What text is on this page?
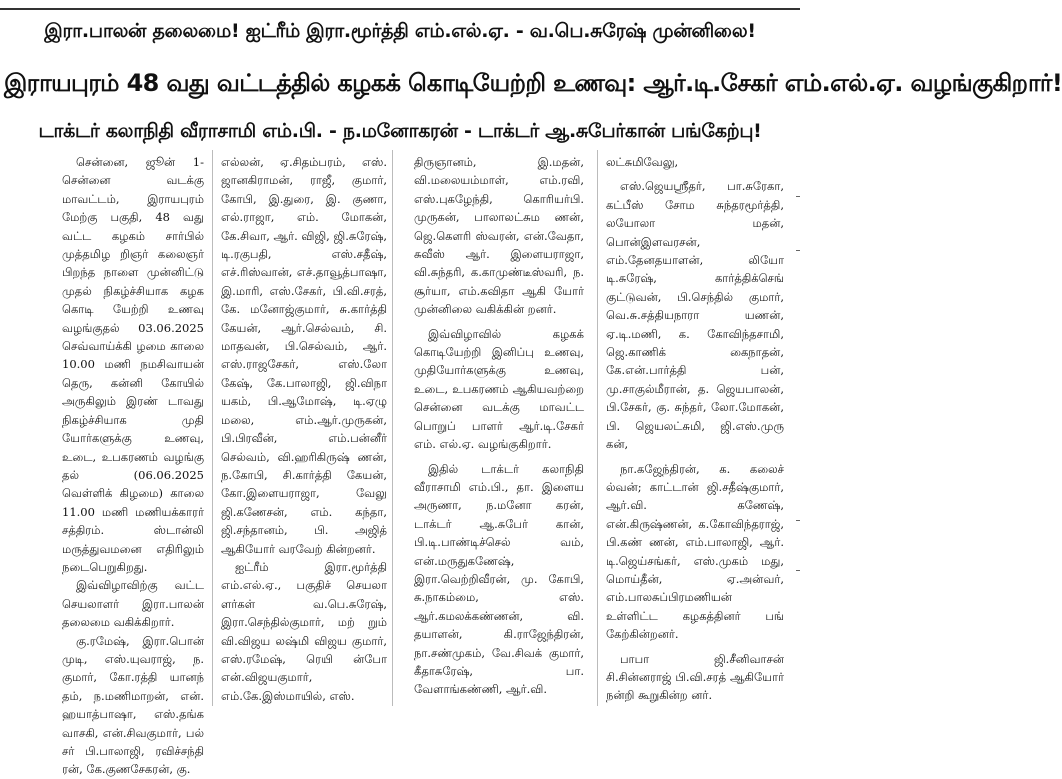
இரா.பாலன் தலைமை! ஐட்ரீம் இரா.மூர்த்தி எம்.எல்.ஏ. - வ.பெ.சுரேஷ் முன்னிலை!
இராயபுரம் 48 வது வட்டத்தில் கழகக் கொடியேற்றி உணவு: ஆர்.டி.சேகர் எம்.எல்.ஏ. வழங்குகிறார்!
டாக்டர் கலாநிதி வீராசாமி எம்.பி. - ந.மனோகரன் - டாக்டர் ஆ.சுபேர்கான் பங்கேற்பு!

சென்னை, ஜூன் 1- சென்னை வடக்கு மாவட்டம், இராயபுரம் மேற்கு பகுதி, 48 வது வட்ட கழகம் சார்பில் முத்தமிழ றிஞர் கலைஞர் பிறந்த நாளை முன்னிட்டு முதல் நிகழ்ச்சியாக கழக கொடி யேற்றி உணவு வழங்குதல் 03.06.2025 செவ்வாய்க்கி ழமை காலை 10.00 மணி நமசிவாயன் தெரு, கன்னி கோயில் அருகிலும் இரண் டாவது நிகழ்ச்சியாக முதி யோர்களுக்கு உணவு, உடை, உபகரணம் வழங்கு தல் (06.06.2025 வெள்ளிக் கிழமை) காலை 11.00 மணி மணியக்காரர் சத்திரம். ஸ்டான்லி மருத்துவமனை எதிரிலும் நடைபெறுகிறது.

இவ்விழாவிற்கு வட்ட செயலாளர் இரா.பாலன் தலைமை வகிக்கிறார்.

கு.ரமேஷ், இரா.பொன் முடி, எஸ்.யுவராஜ், ந. குமார், கோ.ரத்தி யானந் தம், ந.மணிமாறன், என். ஹயாத்பாஷா, எஸ்.தங்க வாசகி, என்.சிவகுமார், பல் சர் பி.பாலாஜி, ரவிச்சந்தி ரன், கே.குணசேகரன், கு.

எல்லன், ஏ.சிதம்பரம், எஸ். ஜானகிராமன், ராஜீ, குமார், கோபி, இ.துரை, இ. குணா, எல்.ராஜா, எம். மோகன், கே.சிவா, ஆர். விஜி, ஜி.சுரேஷ், டி.ரகுபதி, எஸ்.சதீஷ், எச்.ரிஸ்வான், எச்.தாவூத்பாஷா, இ.மாரி, எஸ்.சேகர், பி.வி.சரத், கே. மனோஜ்குமார், சு.கார்த்தி கேயன், ஆர்.செல்வம், சி. மாதவன், பி.செல்வம், ஆர். எஸ்.ராஜசேகர், எஸ்.லோ கேஷ், கே.பாலாஜி, ஜி.விநா யகம், பி.ஆமோஷ், டி.ஏழு மலை, எம்.ஆர்.முருகன், பி.பிரவீன், எம்.பன்னீர் செல்வம், வி.ஹரிகிருஷ் ணன், ந.கோபி, சி.கார்த்தி கேயன், கோ.இளையராஜா, வேலு ஜி.கணேசன், எம். கந்தா, ஜி.சந்தானம், பி. அஜித் ஆகியோர் வரவேற் கின்றனர்.

ஐட்ரீம் இரா.மூர்த்தி எம்.எல்.ஏ., பகுதிச் செயலா ளர்கள் வ.பெ.சுரேஷ், இரா.செந்தில்குமார், மற் றும் வி.விஜய லஷ்மி விஜய குமார், எஸ்.ரமேஷ், ரெயி ன்போ என்.விஜயகுமார், எம்.கே.இஸ்மாயில், எஸ்.

திருஞானம், இ.மதன், வி.மலையம்மாள், எம்.ரவி, எஸ்.புகழேந்தி, கொரியர்பி. முருகன், பாலாலட்சும ணன், ஜெ.கௌரி ஸ்வரன், என்.வேதா, சுவீஸ் ஆர். இளையராஜா, வி.சுந்தரி, க.காமுண்டீஸ்வரி, ந. சூர்யா, எம்.கவிதா ஆகி யோர் முன்னிலை வகிக்கின் றனர்.

இவ்விழாவில் கழகக் கொடியேற்றி இனிப்பு உணவு, முதியோர்களுக்கு உணவு, உடை, உபகரணம் ஆகியவற்றை சென்னை வடக்கு மாவட்ட பொறுப் பாளர் ஆர்.டி.சேகர் எம். எல்.ஏ. வழங்குகிறார்.

இதில் டாக்டர் கலாநிதி வீராசாமி எம்.பி., தா. இளைய அருணா, ந.மனோ கரன், டாக்டர் ஆ.சுபேர் கான், பி.டி.பாண்டிச்செல் வம், என்.மருதுகணேஷ், இரா.வெற்றிவீரன், மு. கோபி, சு.நாகம்மை, எஸ். ஆர்.கமலக்கண்ணன், வி. தயாளன், கி.ராஜேந்திரன், நா.சண்முகம், வே.சிவக் குமார், கீதாசுரேஷ், பா. வேளாங்கண்ணி, ஆர்.வி.

லட்சுமிவேலு,

எஸ்.ஜெயஸ்ரீதர், பா.சுரேகா, கட்பீஸ் சோம சுந்தரமூர்த்தி, லயோலா மதன், பொன்இளவரசன், எம்.தேனதயாளன், லியோ டி.சுரேஷ், கார்த்திக்செங் குட்டுவன், பி.செந்தில் குமார், வெ.சு.சத்தியநாரா யணன், ஏ.டி.மணி, க. கோவிந்தசாமி, ஜெ.காணிக் கைநாதன், கே.என்.பார்த்தி பன், மு.சாகுல்மீரான், த. ஜெயபாலன், பி.சேகர், கு. சுந்தர், லோ.மோகன், பி. ஜெயலட்சுமி, ஜி.எஸ்.முரு கன்,

நா.கஜேந்திரன், க. கலைச் ல்வன்; காட்டான் ஜி.சதீஷ்குமார், ஆர்.வி. கணேஷ், என்.கிருஷ்ணன், க.கோவிந்தராஜ், பி.கண் ணன், எம்.பாலாஜி, ஆர். டி.ஜெய்சங்கர், எஸ்.முகம் மது, மொய்தீன், ஏ.அன்வர், எம்.பாலசுப்பிரமணியன் உள்ளிட்ட கழகத்தினர் பங் கேற்கின்றனர்.

பாபா ஜி.சீனிவாசன் சி.சின்னராஜ் பி.வி.சரத் ஆகியோர் நன்றி கூறுகின்ற னர்.
